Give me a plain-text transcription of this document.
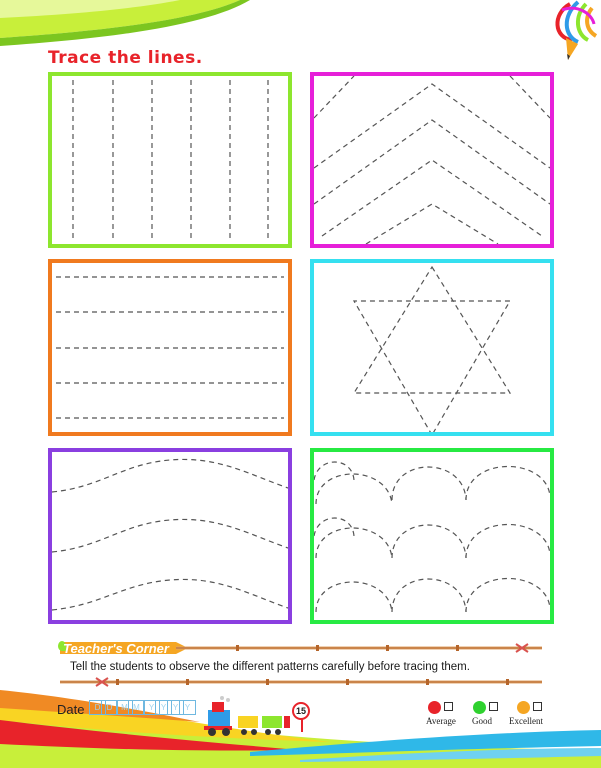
Trace the lines.
Teacher's Corner
Tell the students to observe the different patterns carefully before tracing them.
Date	D D	M M	Y Y Y Y	15
Average Good Excellent
